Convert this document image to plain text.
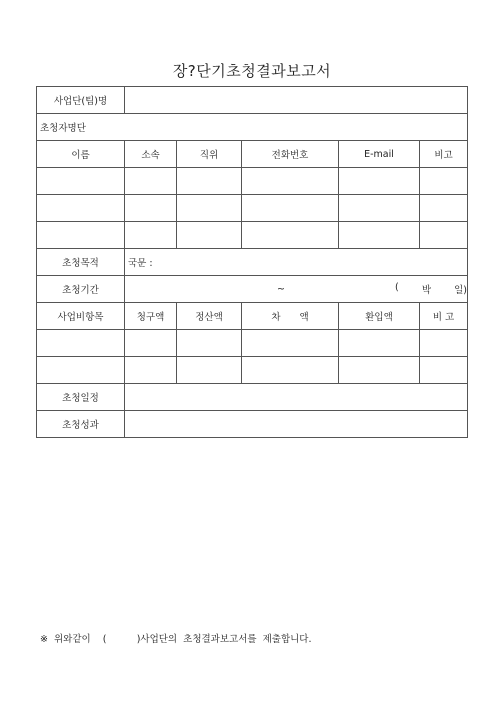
장?단기초청결과보고서
사업단(팀)명					
초청자명단					
이름	소속	직위	전화번호	E-mail	비고

초청목적	국문 :				
초청기간	~ ( 박 일)				

사업비항목	청구액	정산액	차　　액	환입액	비 고

초청일정					
초청성과					
※  위와같이    (          )사업단의  초청결과보고서를  제출합니다.
